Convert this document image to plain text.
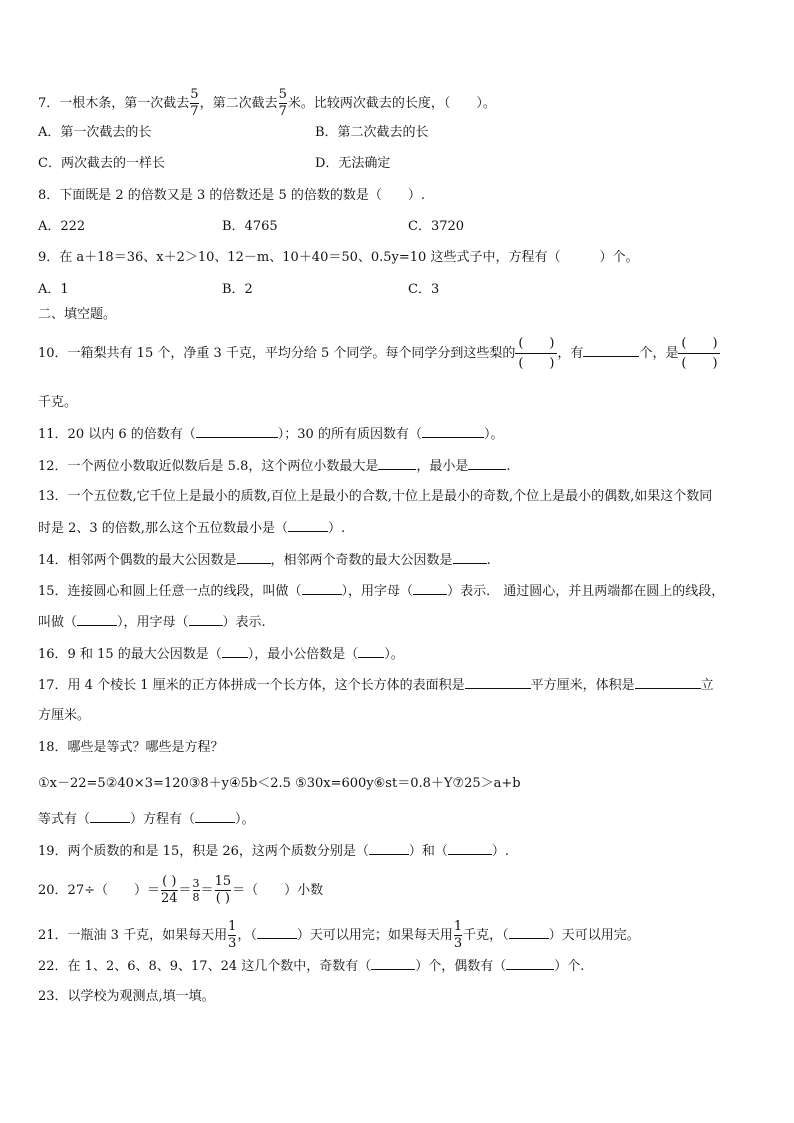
7．一根木条，第一次截去 $\frac{5}{7}$ ，第二次截去 $\frac{5}{7}$ 米。比较两次截去的长度，（　　）。
A．第一次截去的长	B．第二次截去的长
C．两次截去的一样长	D．无法确定
8．下面既是 2 的倍数又是 3 的倍数还是 5 的倍数的数是（　　）.
A．222	B．4765	C．3720
9．在 a＋18＝36、x＋2＞10、12－m、10＋40＝50、0.5y=10 这些式子中，方程有（　　　）个。
A．1	B．2	C．3
二、填空题。
10．一箱梨共有 15 个，净重 3 千克，平均分给 5 个同学。每个同学分到这些梨的
(　　)
(　　)
，有	个，是
(　　)
(　　)
千克。
11．20 以内 6 的倍数有（	）；30 的所有质因数有（	）。
12．一个两位小数取近似数后是 5.8，这个两位小数最大是	，最小是	.
13．一个五位数,它千位上是最小的质数,百位上是最小的合数,十位上是最小的奇数,个位上是最小的偶数,如果这个数同
时是 2、3 的倍数,那么这个五位数最小是（	）.
14．相邻两个偶数的最大公因数是	，相邻两个奇数的最大公因数是	.
15．连接圆心和圆上任意一点的线段，叫做（	），用字母（	）表示． 通过圆心，并且两端都在圆上的线段，
叫做（	），用字母（	）表示.
16．9 和 15 的最大公因数是（ ），最小公倍数是（ ）。
17．用 4 个棱长 1 厘米的正方体拼成一个长方体，这个长方体的表面积是	平方厘米，体积是	立
方厘米。
18．哪些是等式？哪些是方程？
①x－22=5②40×3=120③8＋y④5b＜2.5 ⑤30x=600y⑥st＝0.8＋Y⑦25＞a+b
等式有（	）方程有（	）。
19．两个质数的和是 15，积是 26，这两个质数分别是（	）和（	）.
20．27÷（　　）＝ $\frac{( )}{24} = \frac{3}{8} = \frac{15}{( )}$ ＝（　　）小数
21．一瓶油 3 千克，如果每天用 $\frac{1}{3}$ ，（	）天可以用完；如果每天用 $\frac{1}{3}$ 千克，（	）天可以用完。
22．在 1、2、6、8、9、17、24 这几个数中，奇数有（	）个，偶数有（	）个.
23．以学校为观测点,填一填。
